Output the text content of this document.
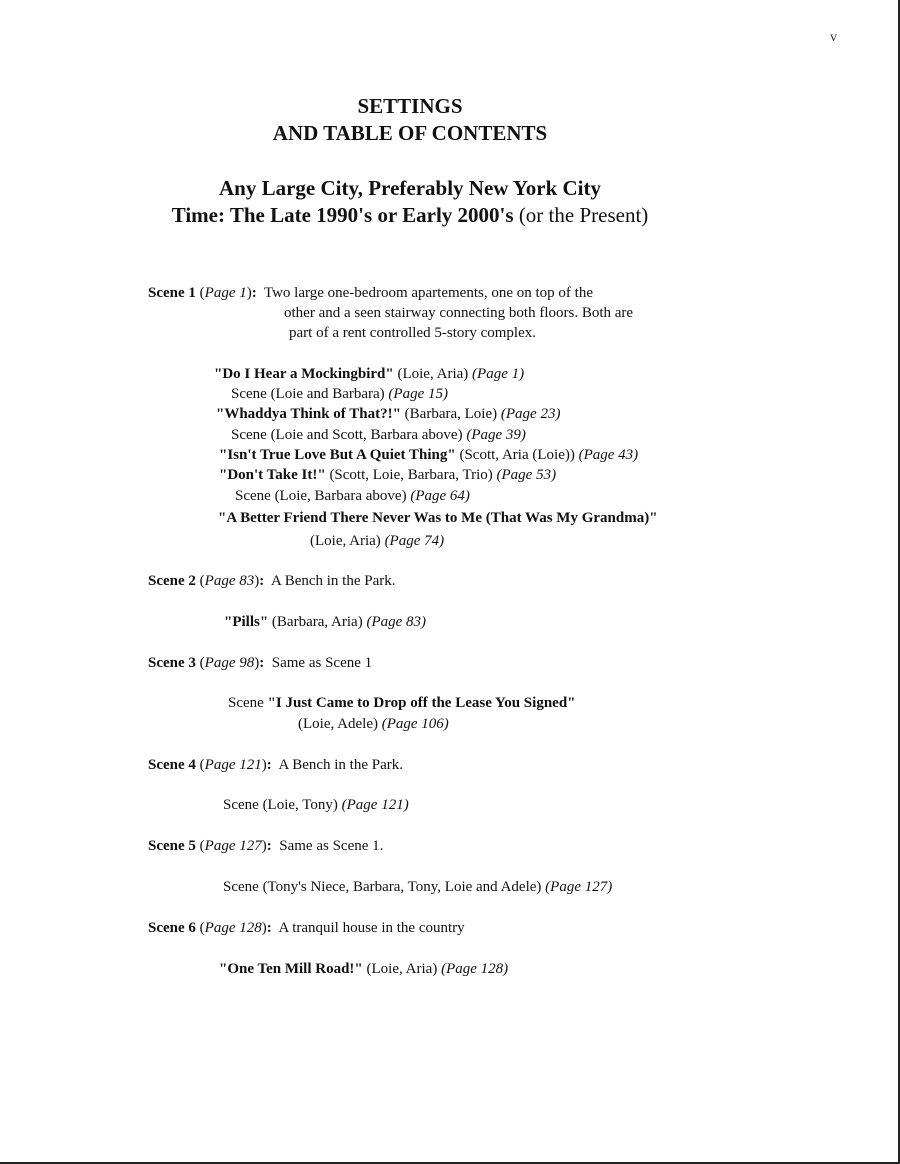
v
SETTINGS
AND TABLE OF CONTENTS
Any Large City, Preferably New York City
Time: The Late 1990's or Early 2000's (or the Present)
Scene 1 (Page 1): Two large one-bedroom apartements, one on top of the
other and a seen stairway connecting both floors. Both are
part of a rent controlled 5-story complex.
"Do I Hear a Mockingbird" (Loie, Aria) (Page 1)
Scene (Loie and Barbara) (Page 15)
"Whaddya Think of That?!" (Barbara, Loie) (Page 23)
Scene (Loie and Scott, Barbara above) (Page 39)
"Isn't True Love But A Quiet Thing" (Scott, Aria (Loie)) (Page 43)
"Don't Take It!" (Scott, Loie, Barbara, Trio) (Page 53)
Scene (Loie, Barbara above) (Page 64)
"A Better Friend There Never Was to Me (That Was My Grandma)"
(Loie, Aria) (Page 74)
Scene 2 (Page 83): A Bench in the Park.
"Pills" (Barbara, Aria) (Page 83)
Scene 3 (Page 98): Same as Scene 1
Scene "I Just Came to Drop off the Lease You Signed"
(Loie, Adele) (Page 106)
Scene 4 (Page 121): A Bench in the Park.
Scene (Loie, Tony) (Page 121)
Scene 5 (Page 127): Same as Scene 1.
Scene (Tony's Niece, Barbara, Tony, Loie and Adele) (Page 127)
Scene 6 (Page 128): A tranquil house in the country
"One Ten Mill Road!" (Loie, Aria) (Page 128)
